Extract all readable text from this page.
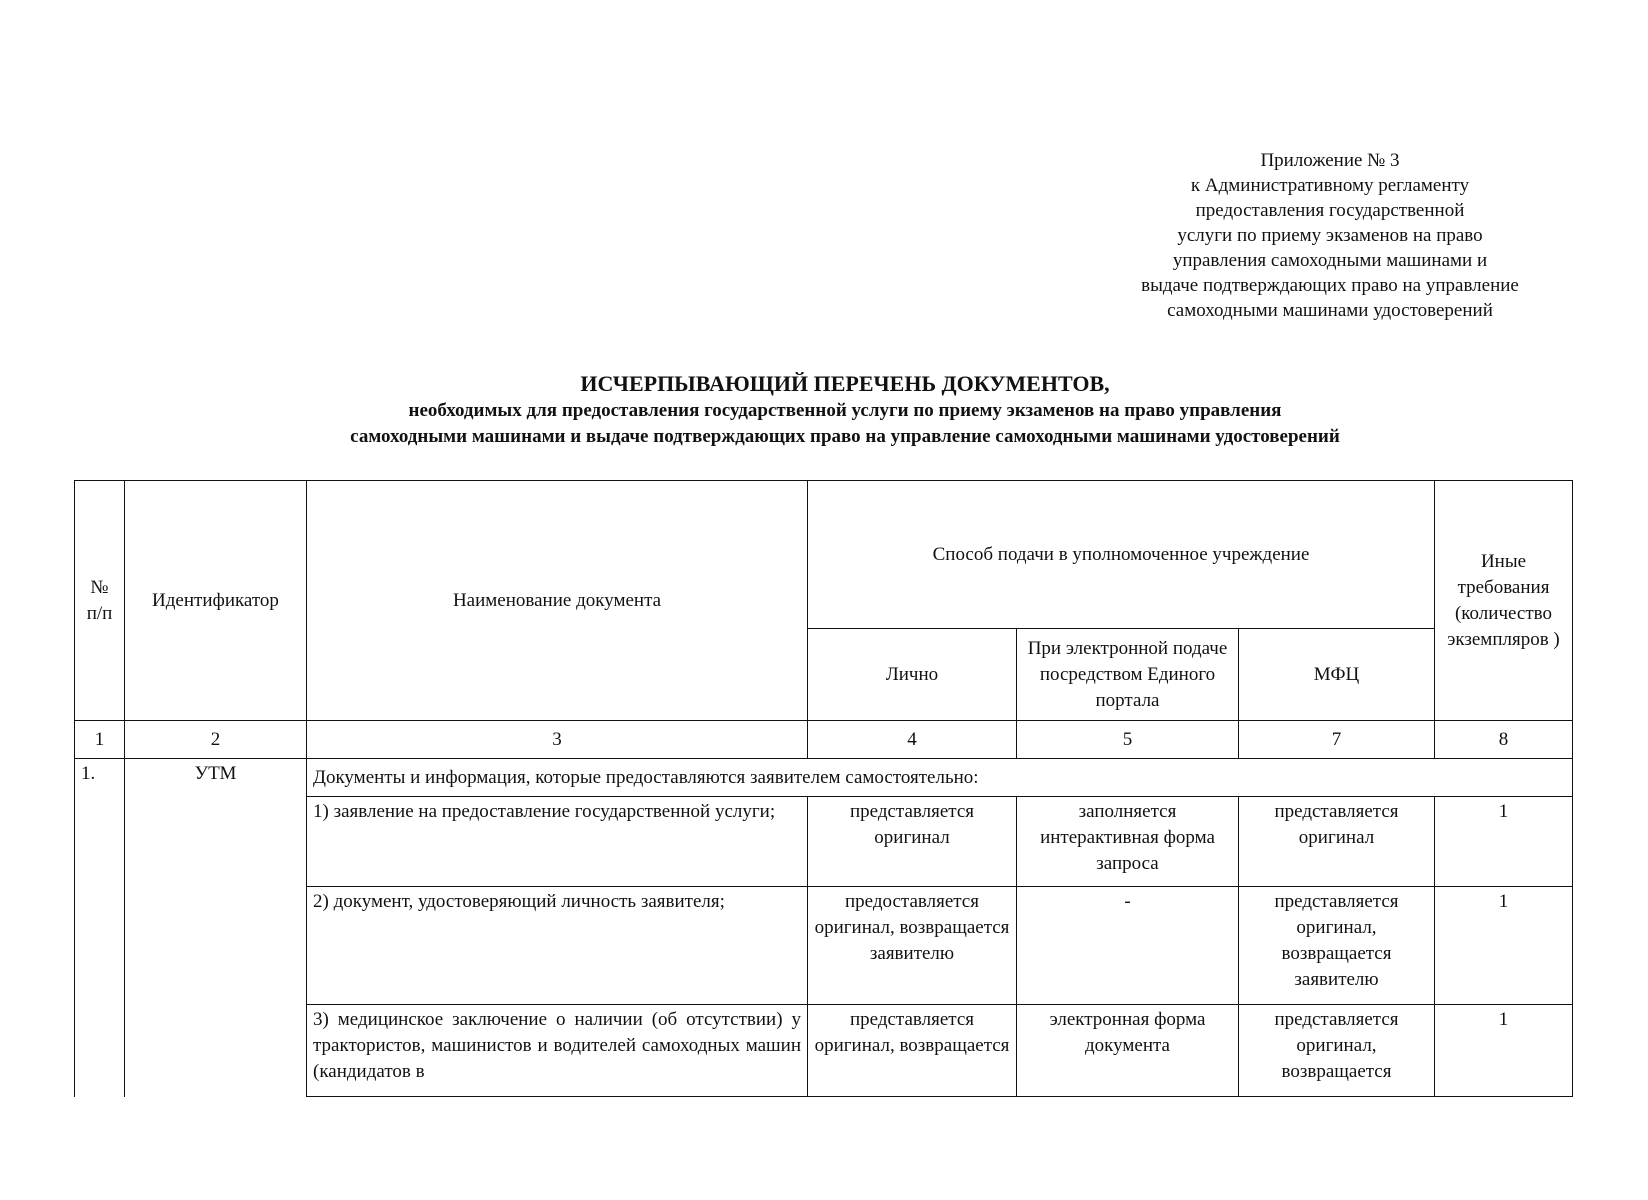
Приложение № 3
к Административному регламенту
предоставления государственной
услуги по приему экзаменов на право
управления самоходными машинами и
выдаче подтверждающих право на управление
самоходными машинами удостоверений
ИСЧЕРПЫВАЮЩИЙ ПЕРЕЧЕНЬ ДОКУМЕНТОВ,
необходимых для предоставления государственной услуги по приему экзаменов на право управления
самоходными машинами и выдаче подтверждающих право на управление самоходными машинами удостоверений
№ п/п	Идентификатор	Наименование документа	Способ подачи в уполномоченное учреждение			Иные требования (количество экземпляров )
			Лично	При электронной подаче посредством Единого портала	МФЦ	
1	2	3	4	5	7	8
1.	УТМ	Документы и информация, которые предоставляются заявителем самостоятельно:				
		1) заявление на предоставление государственной услуги;	представляется оригинал	заполняется интерактивная форма запроса	представляется оригинал	1
		2) документ, удостоверяющий личность заявителя;	предоставляется оригинал, возвращается заявителю	-	представляется оригинал, возвращается заявителю	1
		3) медицинское заключение о наличии (об отсутствии) у трактористов, машинистов и водителей самоходных машин (кандидатов в	представляется оригинал, возвращается	электронная форма документа	представляется оригинал, возвращается	1
